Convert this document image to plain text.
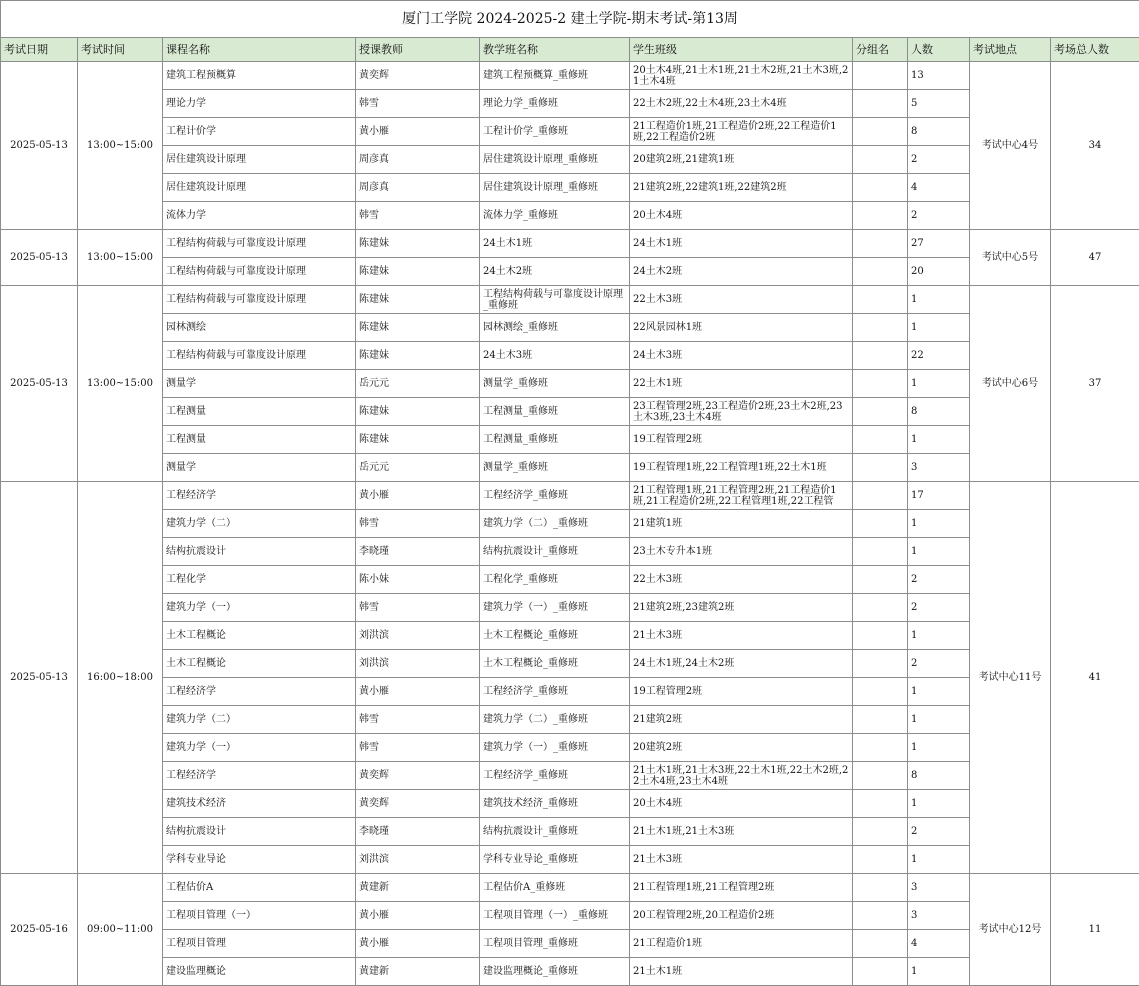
厦门工学院 2024-2025-2 建土学院-期末考试-第13周									
考试日期	考试时间	课程名称	授课教师	教学班名称	学生班级	分组名	人数	考试地点	考场总人数
2025-05-13	13:00~15:00	建筑工程预概算	黄奕辉	建筑工程预概算_重修班	20土木4班,21土木1班,21土木2班,21土木3班,21土木4班		13	考试中心4号	34
		理论力学	韩雪	理论力学_重修班	22土木2班,22土木4班,23土木4班		5		
		工程计价学	黄小雁	工程计价学_重修班	21工程造价1班,21工程造价2班,22工程造价1班,22工程造价2班		8		
		居住建筑设计原理	周彦真	居住建筑设计原理_重修班	20建筑2班,21建筑1班		2		
		居住建筑设计原理	周彦真	居住建筑设计原理_重修班	21建筑2班,22建筑1班,22建筑2班		4		
		流体力学	韩雪	流体力学_重修班	20土木4班		2		
2025-05-13	13:00~15:00	工程结构荷载与可靠度设计原理	陈建妹	24土木1班	24土木1班		27	考试中心5号	47
		工程结构荷载与可靠度设计原理	陈建妹	24土木2班	24土木2班		20		
2025-05-13	13:00~15:00	工程结构荷载与可靠度设计原理	陈建妹	工程结构荷载与可靠度设计原理_重修班	22土木3班		1	考试中心6号	37
		园林测绘	陈建妹	园林测绘_重修班	22风景园林1班		1		
		工程结构荷载与可靠度设计原理	陈建妹	24土木3班	24土木3班		22		
		测量学	岳元元	测量学_重修班	22土木1班		1		
		工程测量	陈建妹	工程测量_重修班	23工程管理2班,23工程造价2班,23土木2班,23土木3班,23土木4班		8		
		工程测量	陈建妹	工程测量_重修班	19工程管理2班		1		
		测量学	岳元元	测量学_重修班	19工程管理1班,22工程管理1班,22土木1班		3		
2025-05-13	16:00~18:00	工程经济学	黄小雁	工程经济学_重修班	21工程管理1班,21工程管理2班,21工程造价1班,21工程造价2班,22工程管理1班,22工程管		17	考试中心11号	41
		建筑力学（二）	韩雪	建筑力学（二）_重修班	21建筑1班		1		
		结构抗震设计	李晓瑾	结构抗震设计_重修班	23土木专升本1班		1		
		工程化学	陈小妹	工程化学_重修班	22土木3班		2		
		建筑力学（一）	韩雪	建筑力学（一）_重修班	21建筑2班,23建筑2班		2		
		土木工程概论	刘洪滨	土木工程概论_重修班	21土木3班		1		
		土木工程概论	刘洪滨	土木工程概论_重修班	24土木1班,24土木2班		2		
		工程经济学	黄小雁	工程经济学_重修班	19工程管理2班		1		
		建筑力学（二）	韩雪	建筑力学（二）_重修班	21建筑2班		1		
		建筑力学（一）	韩雪	建筑力学（一）_重修班	20建筑2班		1		
		工程经济学	黄奕辉	工程经济学_重修班	21土木1班,21土木3班,22土木1班,22土木2班,22土木4班,23土木4班		8		
		建筑技术经济	黄奕辉	建筑技术经济_重修班	20土木4班		1		
		结构抗震设计	李晓瑾	结构抗震设计_重修班	21土木1班,21土木3班		2		
		学科专业导论	刘洪滨	学科专业导论_重修班	21土木3班		1		
2025-05-16	09:00~11:00	工程估价A	黄建新	工程估价A_重修班	21工程管理1班,21工程管理2班		3	考试中心12号	11
		工程项目管理（一）	黄小雁	工程项目管理（一）_重修班	20工程管理2班,20工程造价2班		3		
		工程项目管理	黄小雁	工程项目管理_重修班	21工程造价1班		4		
		建设监理概论	黄建新	建设监理概论_重修班	21土木1班		1		
